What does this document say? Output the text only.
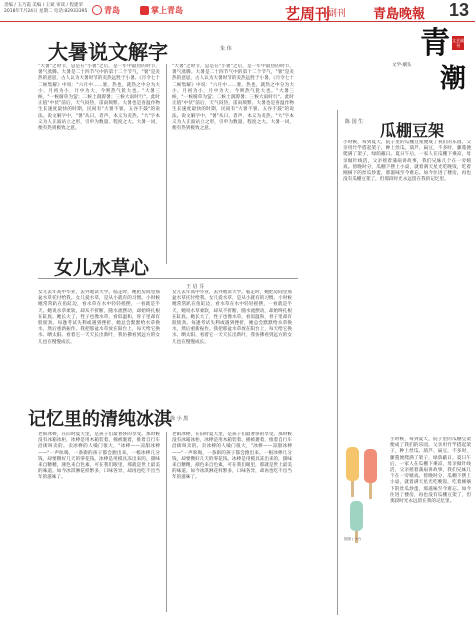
责编 / 玉乃霞 美编 / 王斌 审读 / 程建荣
2018年7月24日 星期二 电话:82933395 青岛	掌上青岛	艺周刊
·副刊 青島晚報 13
青
潮
文艺副刊
文学·潮头
大暑说文解字	朱 伟
"大暑"之时节，总是在"小暑"之后，是一年中最热的时节，暑气蒸腾。大暑是二十四节气中的第十二个节气，"暑"是炎热的意思，古人认为大暑时节的炎热远胜于小暑。《月令七十二候集解》中说："六月中……暑，热也，就热之中分为大小，月初为小，月中为大，今则热气犹大也。"大暑三候，"一候腐草为萤；二候土润溽暑；三候大雨时行"。此时正值"中伏"前后，天气闷热，雷雨频繁。大暑也是喜温作物生长速度最快的时期，民间有"大暑不暑，五谷不鼓"的说法。说文解字中，"暑"从日，者声，本义为炎热。"大"字本义为人正面站立之形，引申为数量、程度之大。大暑一词，便有热到极致之意。
"大暑"之时节，总是在"小暑"之后，是一年中最热的时节，暑气蒸腾。大暑是二十四节气中的第十二个节气，"暑"是炎热的意思，古人认为大暑时节的炎热远胜于小暑。《月令七十二候集解》中说："六月中……暑，热也，就热之中分为大小，月初为小，月中为大，今则热气犹大也。"大暑三候，"一候腐草为萤；二候土润溽暑；三候大雨时行"。此时正值"中伏"前后，天气闷热，雷雨频繁。大暑也是喜温作物生长速度最快的时期，民间有"大暑不暑，五谷不鼓"的说法。说文解字中，"暑"从日，者声，本义为炎热。"大"字本义为人正面站立之形，引申为数量、程度之大。大暑一词，便有热到极致之意。
女儿水草心
王 启 芬
女儿去年高中毕业，去外地读大学。临走时，她把房间里那盆水草托付给我。女儿爱水草，是从小就有的习惯。小时候她常常趴在鱼缸边，看水草在水中轻轻摇摆，一看就是半天。她说水草柔软，却从不折断，随水流摆动，却始终扎根在缸底。她长大了，性子也像水草，看似温和，骨子里却有股韧劲。每逢考试失利或遇到挫折，她总会默默给水草换水，然后重新振作。我把那盆水草放在阳台上，每天给它换水、晒太阳。看着它一天天长出新叶，我仿佛看到远方的女儿也在慢慢成长。
女儿去年高中毕业，去外地读大学。临走时，她把房间里那盆水草托付给我。女儿爱水草，是从小就有的习惯。小时候她常常趴在鱼缸边，看水草在水中轻轻摇摆，一看就是半天。她说水草柔软，却从不折断，随水流摆动，却始终扎根在缸底。她长大了，性子也像水草，看似温和，骨子里却有股韧劲。每逢考试失利或遇到挫折，她总会默默给水草换水，然后重新振作。我把那盆水草放在阳台上，每天给它换水、晒太阳。看着它一天天长出新叶，我仿佛看到远方的女儿也在慢慢成长。
记忆里的清纯冰淇
徐 小 黑
老街冰棒，在旧时夏天里，是孩子们最奢侈的享受。那时候没有冰箱冰柜，冰棒是用木箱装着、棉被裹着，推着自行车沿街叫卖的。卖冰棒的人嗓门很大，"冰棒——凉甜冰棒——"一声吆喝，一条街的孩子都会跑出来。一根冰棒几分钱，却要攒好几天的零花钱。冰棒是用模具冻出来的，甜味来自糖精，颜色来自色素，可在我们眼里，那就是世上最美的味道。如今冰淇淋花样繁多，口味各异，却再也吃不出当年的滋味了。
老街冰棒，在旧时夏天里，是孩子们最奢侈的享受。那时候没有冰箱冰柜，冰棒是用木箱装着、棉被裹着，推着自行车沿街叫卖的。卖冰棒的人嗓门很大，"冰棒——凉甜冰棒——"一声吆喝，一条街的孩子都会跑出来。一根冰棒几分钱，却要攒好几天的零花钱。冰棒是用模具冻出来的，甜味来自糖精，颜色来自色素，可在我们眼里，那就是世上最美的味道。如今冰淇淋花样繁多，口味各异，却再也吃不出当年的滋味了。
瓜棚豆架
陈 国 生
小时候，每到夏天，院子里的瓜棚豆架便成了我们的乐园。父亲用竹竿搭起架子，种上丝瓜、葫芦、扁豆，不多时，藤蔓便爬满了架子，绿荫蔽日。夏日午后，一家人在瓜棚下乘凉，母亲做针线活，父亲摇着蒲扇讲故事，我们兄妹几个在一旁嬉戏。傍晚时分，瓜棚下摆上小桌，就着满天星光吃晚饭，吃着刚摘下的丝瓜炒蛋，那滋味至今难忘。如今住进了楼房，再也没有瓜棚豆架了，但那段时光永远留在我的记忆里。
小时候，每到夏天，院子里的瓜棚豆架便成了我们的乐园。父亲用竹竿搭起架子，种上丝瓜、葫芦、扁豆，不多时，藤蔓便爬满了架子，绿荫蔽日。夏日午后，一家人在瓜棚下乘凉，母亲做针线活，父亲摇着蒲扇讲故事，我们兄妹几个在一旁嬉戏。傍晚时分，瓜棚下摆上小桌，就着满天星光吃晚饭，吃着刚摘下的丝瓜炒蛋，那滋味至今难忘。如今住进了楼房，再也没有瓜棚豆架了，但那段时光永远留在我的记忆里。
插图 / 小台
